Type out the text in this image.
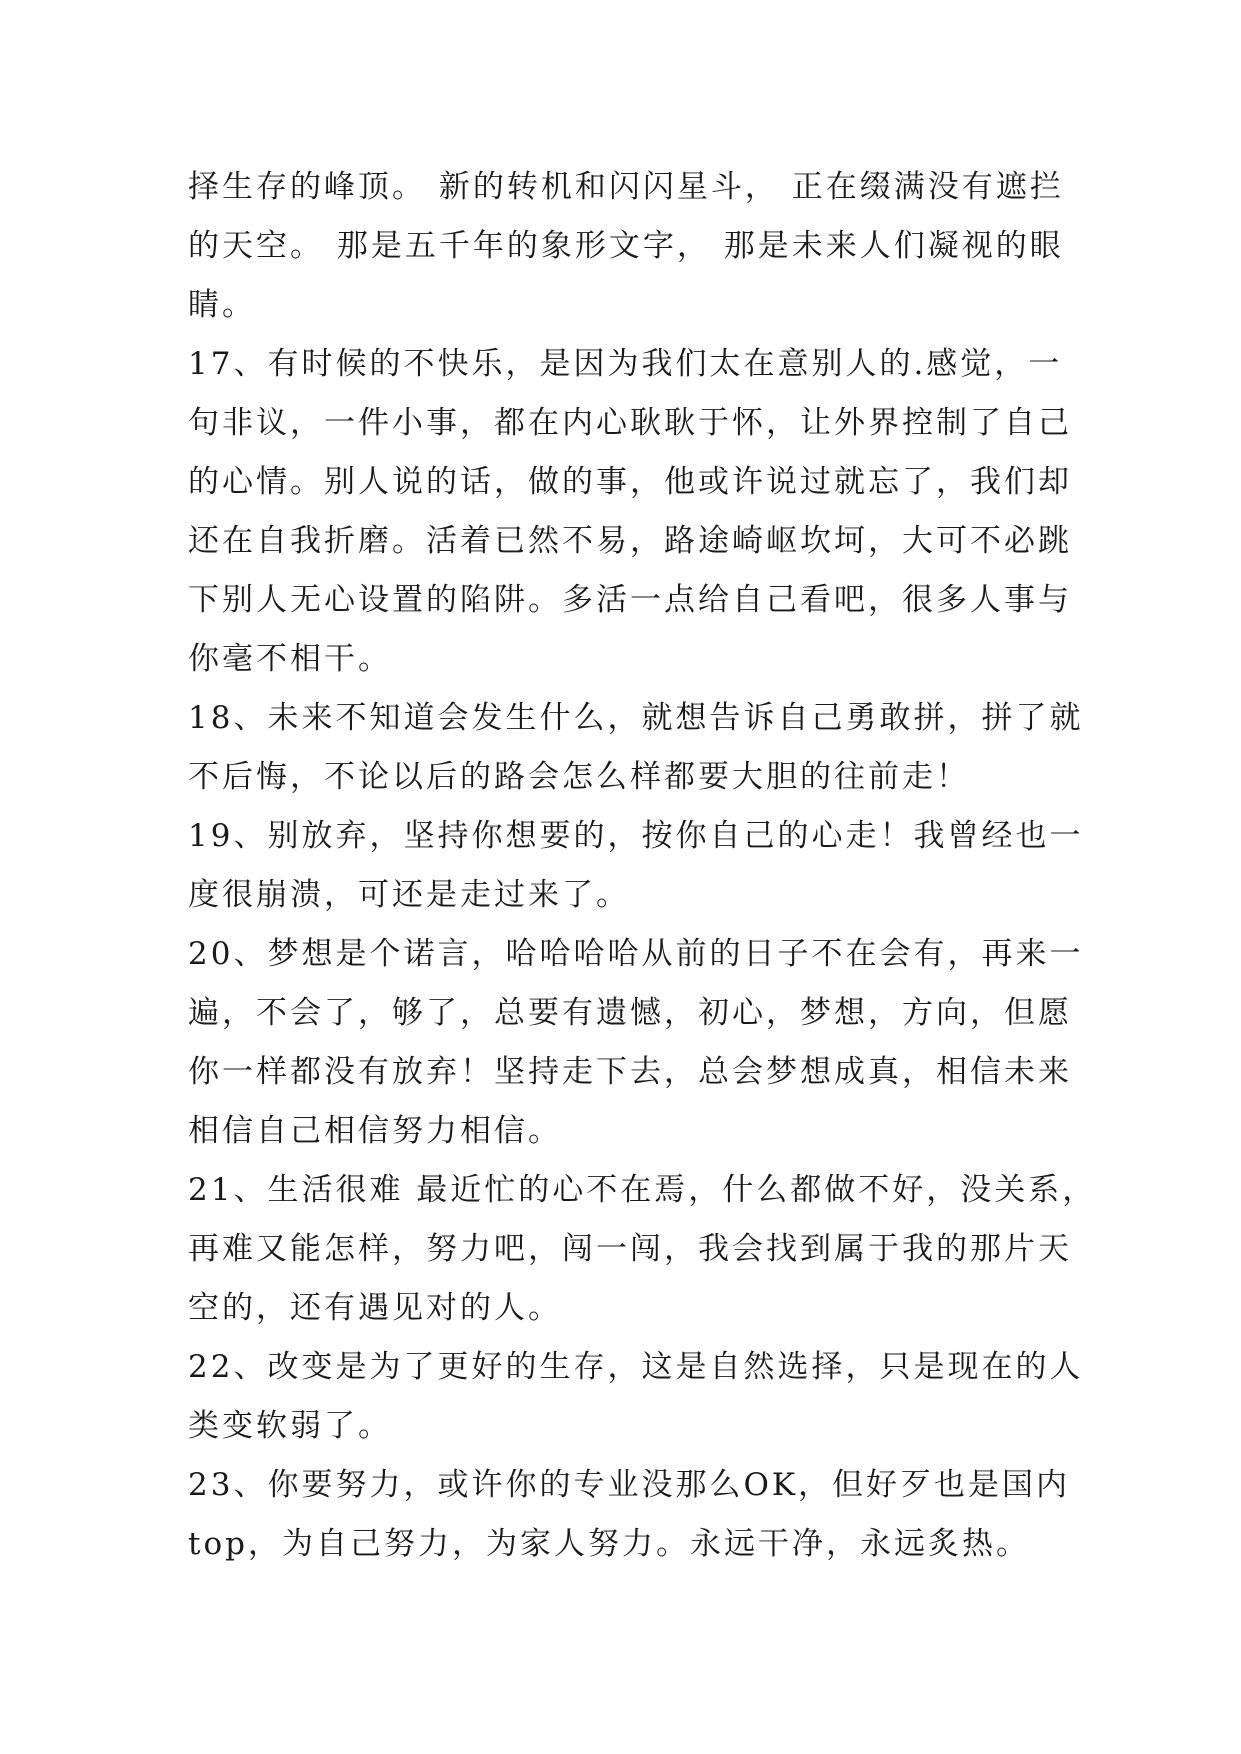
择生存的峰顶。 新的转机和闪闪星斗， 正在缀满没有遮拦
的天空。 那是五千年的象形文字， 那是未来人们凝视的眼
睛。
17、有时候的不快乐，是因为我们太在意别人的.感觉，一
句非议，一件小事，都在内心耿耿于怀，让外界控制了自己
的心情。别人说的话，做的事，他或许说过就忘了，我们却
还在自我折磨。活着已然不易，路途崎岖坎坷，大可不必跳
下别人无心设置的陷阱。多活一点给自己看吧，很多人事与
你毫不相干。
18、未来不知道会发生什么，就想告诉自己勇敢拼，拼了就
不后悔，不论以后的路会怎么样都要大胆的往前走！
19、别放弃，坚持你想要的，按你自己的心走！我曾经也一
度很崩溃，可还是走过来了。
20、梦想是个诺言，哈哈哈哈从前的日子不在会有，再来一
遍，不会了，够了，总要有遗憾，初心，梦想，方向，但愿
你一样都没有放弃！坚持走下去，总会梦想成真，相信未来
相信自己相信努力相信。
21、生活很难 最近忙的心不在焉，什么都做不好，没关系，
再难又能怎样，努力吧，闯一闯，我会找到属于我的那片天
空的，还有遇见对的人。
22、改变是为了更好的生存，这是自然选择，只是现在的人
类变软弱了。
23、你要努力，或许你的专业没那么OK，但好歹也是国内
top，为自己努力，为家人努力。永远干净，永远炙热。
